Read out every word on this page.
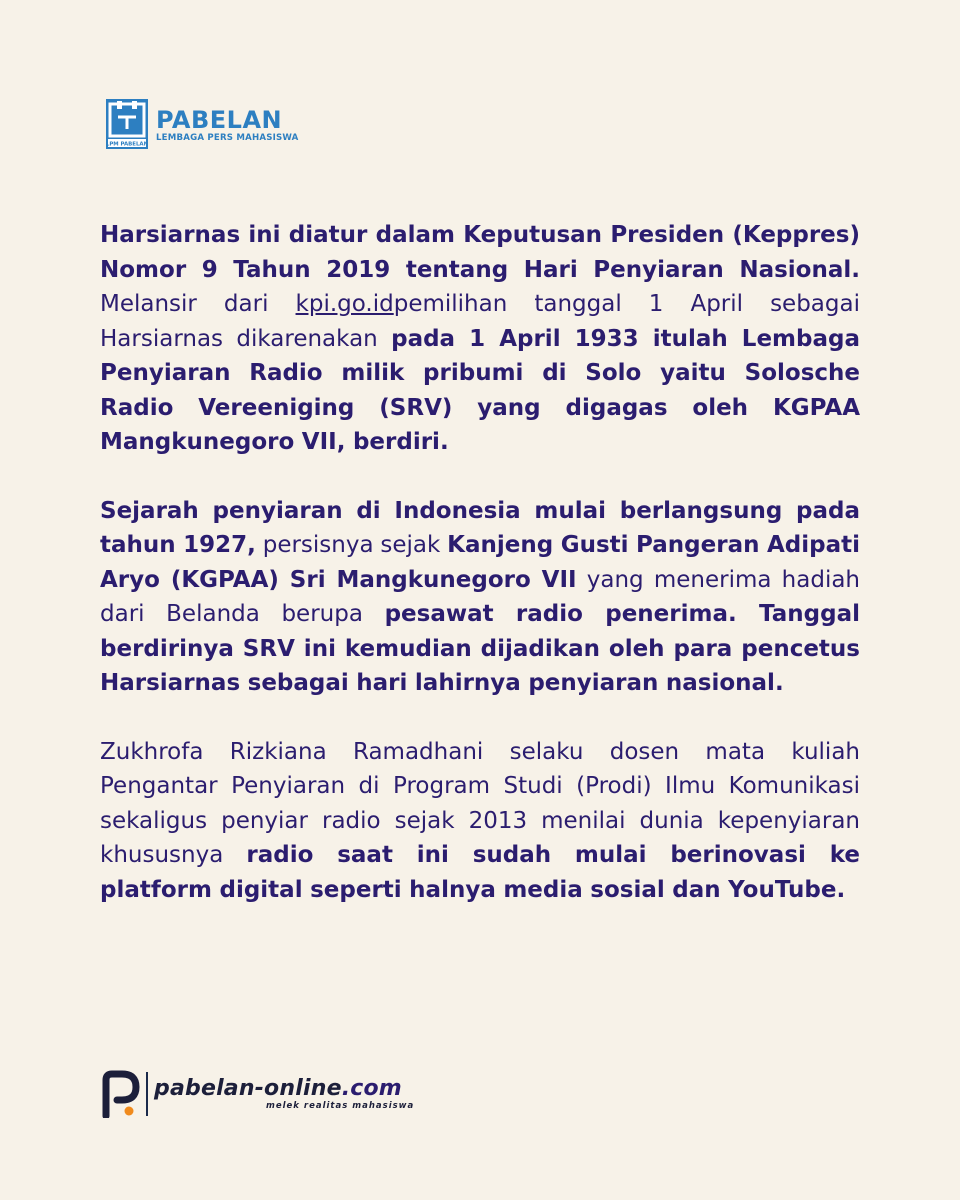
LPM PABELAN
PABELAN
LEMBAGA PERS MAHASISWA

Harsiarnas ini diatur dalam Keputusan Presiden (Keppres) Nomor 9 Tahun 2019 tentang Hari Penyiaran Nasional. Melansir dari kpi.go.idpemilihan tanggal 1 April sebagai Harsiarnas dikarenakan pada 1 April 1933 itulah Lembaga Penyiaran Radio milik pribumi di Solo yaitu Solosche Radio Vereeniging (SRV) yang digagas oleh KGPAA Mangkunegoro VII, berdiri.

Sejarah penyiaran di Indonesia mulai berlangsung pada tahun 1927, persisnya sejak Kanjeng Gusti Pangeran Adipati Aryo (KGPAA) Sri Mangkunegoro VII yang menerima hadiah dari Belanda berupa pesawat radio penerima. Tanggal berdirinya SRV ini kemudian dijadikan oleh para pencetus Harsiarnas sebagai hari lahirnya penyiaran nasional.

Zukhrofa Rizkiana Ramadhani selaku dosen mata kuliah Pengantar Penyiaran di Program Studi (Prodi) Ilmu Komunikasi sekaligus penyiar radio sejak 2013 menilai dunia kepenyiaran khususnya radio saat ini sudah mulai berinovasi ke platform digital seperti halnya media sosial dan YouTube.

pabelan-online.com
melek realitas mahasiswa
